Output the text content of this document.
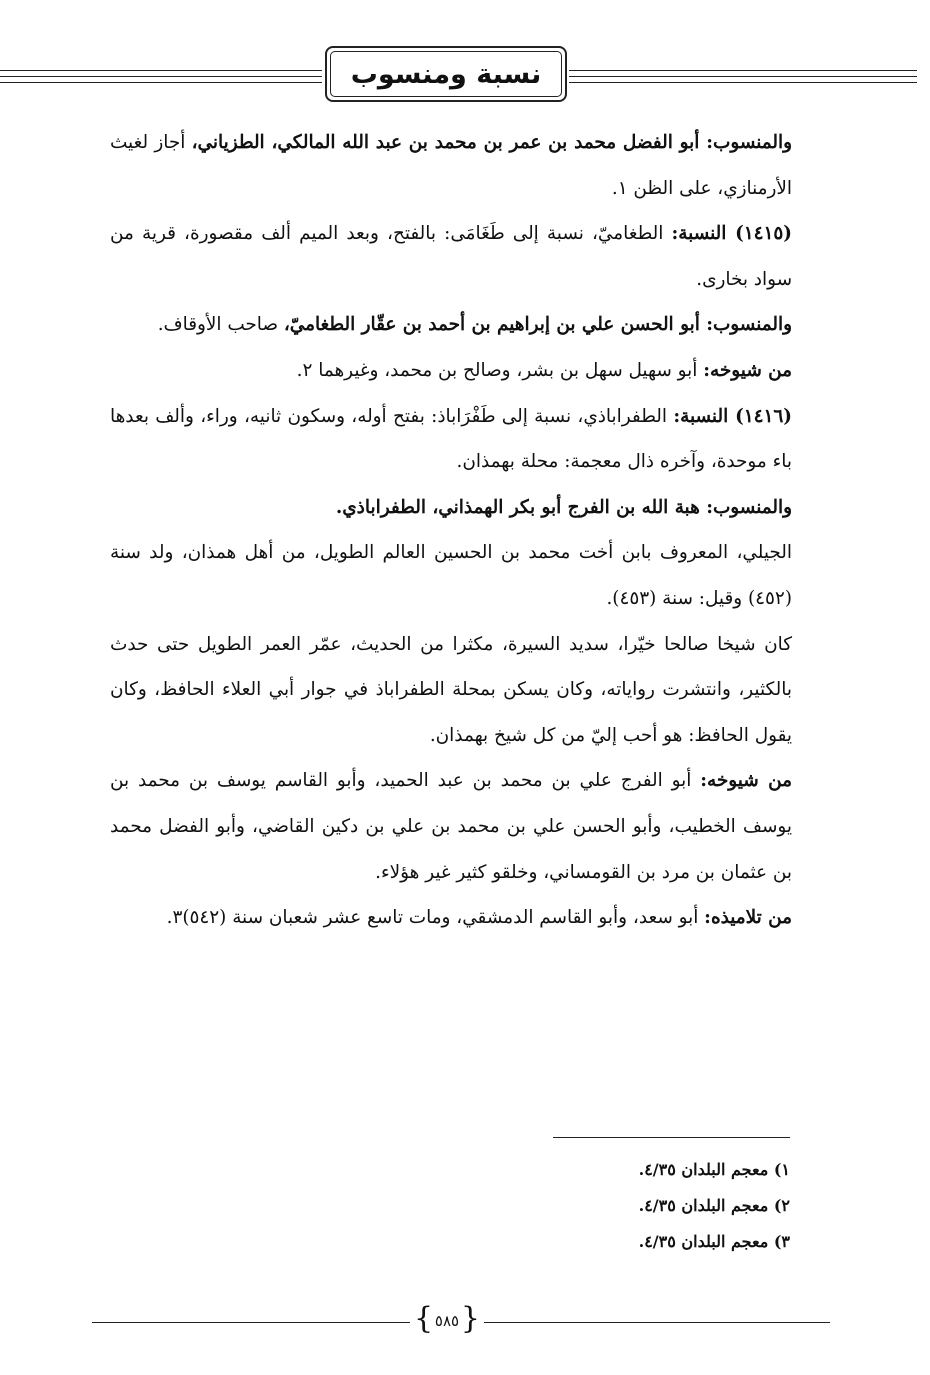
نسبة ومنسوب

والمنسوب: أبو الفضل محمد بن عمر بن محمد بن عبد الله المالكي، الطزياني، أجاز لغيث الأرمنازي، على الظن ١.

(١٤١٥) النسبة: الطغاميّ، نسبة إلى طَغَامَى: بالفتح، وبعد الميم ألف مقصورة، قرية من سواد بخارى.

والمنسوب: أبو الحسن علي بن إبراهيم بن أحمد بن عقّار الطغاميّ، صاحب الأوقاف.

من شيوخه: أبو سهيل سهل بن بشر، وصالح بن محمد، وغيرهما ٢.

(١٤١٦) النسبة: الطفراباذي، نسبة إلى طَفْرَاباذ: بفتح أوله، وسكون ثانيه، وراء، وألف بعدها باء موحدة، وآخره ذال معجمة: محلة بهمذان.

والمنسوب: هبة الله بن الفرج أبو بكر الهمذاني، الطفراباذي.

الجيلي، المعروف بابن أخت محمد بن الحسين العالم الطويل، من أهل همذان، ولد سنة (٤٥٢) وقيل: سنة (٤٥٣).

كان شيخا صالحا خيّرا، سديد السيرة، مكثرا من الحديث، عمّر العمر الطويل حتى حدث بالكثير، وانتشرت رواياته، وكان يسكن بمحلة الطفراباذ في جوار أبي العلاء الحافظ، وكان يقول الحافظ: هو أحب إليّ من كل شيخ بهمذان.

من شيوخه: أبو الفرج علي بن محمد بن عبد الحميد، وأبو القاسم يوسف بن محمد بن يوسف الخطيب، وأبو الحسن علي بن محمد بن علي بن دكين القاضي، وأبو الفضل محمد بن عثمان بن مرد بن القومساني، وخلقو كثير غير هؤلاء.

من تلاميذه: أبو سعد، وأبو القاسم الدمشقي، ومات تاسع عشر شعبان سنة (٥٤٢)٣.

١) معجم البلدان ٤/٣٥.

٢) معجم البلدان ٤/٣٥.

٣) معجم البلدان ٤/٣٥.

{ ٥٨٥ }
